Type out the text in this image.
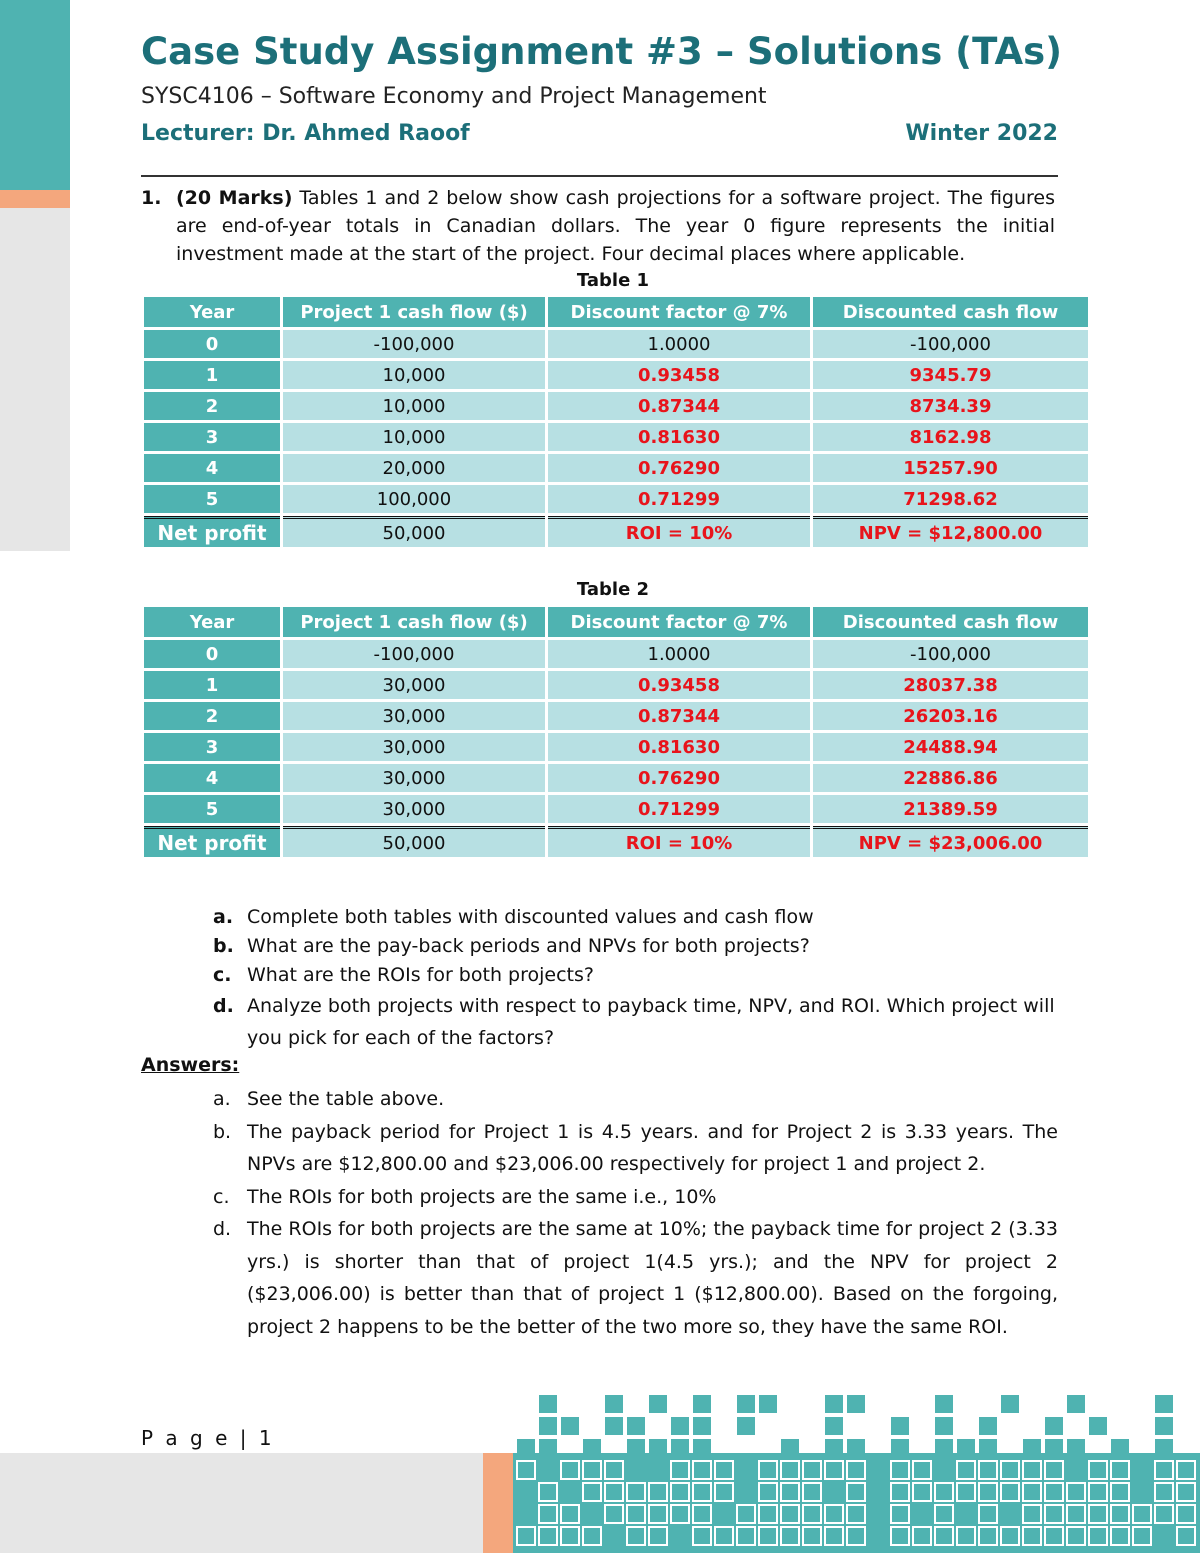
Case Study Assignment #3 – Solutions (TAs)
SYSC4106 – Software Economy and Project Management
Lecturer: Dr. Ahmed Raoof	Winter 2022
1. (20 Marks) Tables 1 and 2 below show cash projections for a software project. The figures are end-of-year totals in Canadian dollars. The year 0 figure represents the initial investment made at the start of the project. Four decimal places where applicable.
Table 1
Year	Project 1 cash flow ($)	Discount factor @ 7%	Discounted cash flow
0	-100,000	1.0000	-100,000
1	10,000	0.93458	9345.79
2	10,000	0.87344	8734.39
3	10,000	0.81630	8162.98
4	20,000	0.76290	15257.90
5	100,000	0.71299	71298.62
Net profit	50,000	ROI = 10%	NPV = $12,800.00
Table 2
Year	Project 1 cash flow ($)	Discount factor @ 7%	Discounted cash flow
0	-100,000	1.0000	-100,000
1	30,000	0.93458	28037.38
2	30,000	0.87344	26203.16
3	30,000	0.81630	24488.94
4	30,000	0.76290	22886.86
5	30,000	0.71299	21389.59
Net profit	50,000	ROI = 10%	NPV = $23,006.00
a. Complete both tables with discounted values and cash flow
b. What are the pay-back periods and NPVs for both projects?
c. What are the ROIs for both projects?
d. Analyze both projects with respect to payback time, NPV, and ROI. Which project will you pick for each of the factors?
Answers:
a. See the table above.
b. The payback period for Project 1 is 4.5 years. and for Project 2 is 3.33 years. The NPVs are $12,800.00 and $23,006.00 respectively for project 1 and project 2.
c. The ROIs for both projects are the same i.e., 10%
d. The ROIs for both projects are the same at 10%; the payback time for project 2 (3.33 yrs.) is shorter than that of project 1(4.5 yrs.); and the NPV for project 2 ($23,006.00) is better than that of project 1 ($12,800.00). Based on the forgoing, project 2 happens to be the better of the two more so, they have the same ROI.
P a g e | 1
